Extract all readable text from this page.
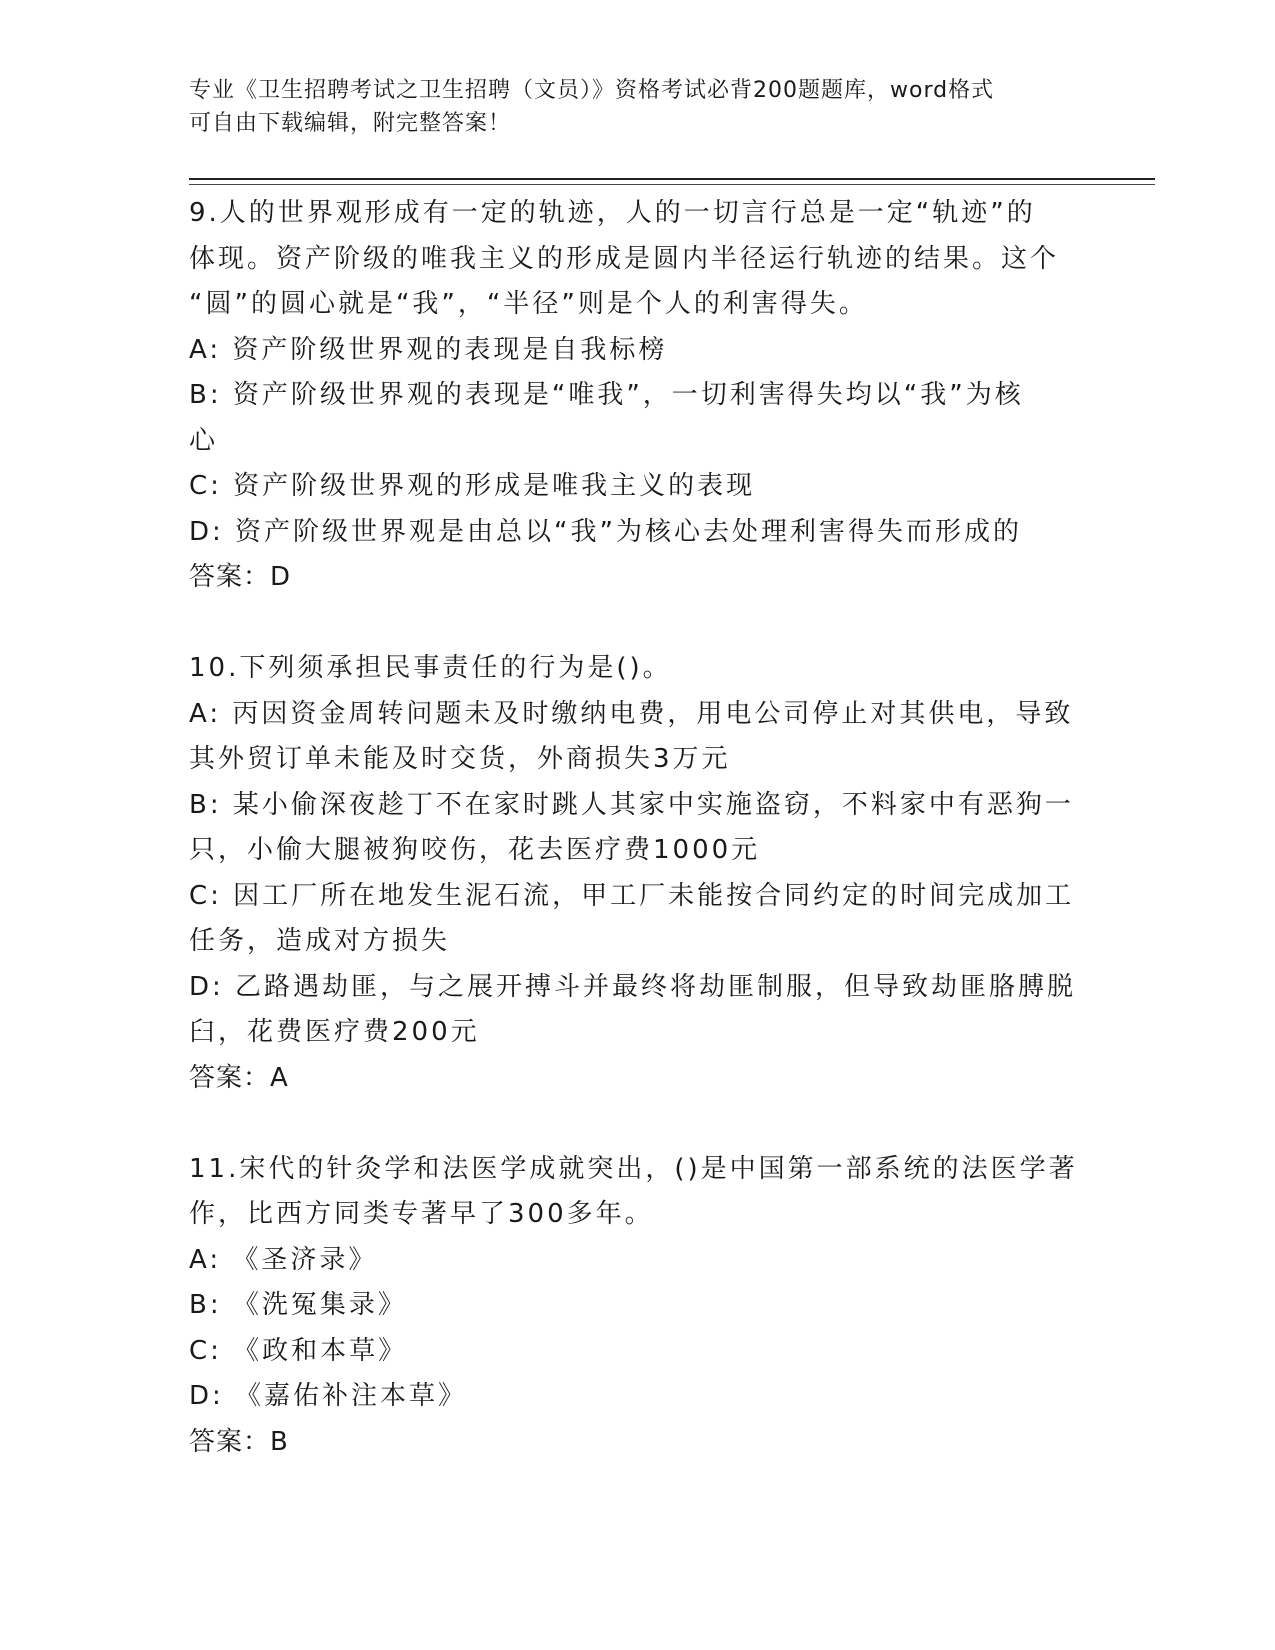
专业《卫生招聘考试之卫生招聘（文员）》资格考试必背200题题库，word格式
可自由下载编辑，附完整答案！
9.人的世界观形成有一定的轨迹，人的一切言行总是一定“轨迹”的
体现。资产阶级的唯我主义的形成是圆内半径运行轨迹的结果。这个
“圆”的圆心就是“我”，“半径”则是个人的利害得失。
A: 资产阶级世界观的表现是自我标榜
B: 资产阶级世界观的表现是“唯我”，一切利害得失均以“我”为核
心
C: 资产阶级世界观的形成是唯我主义的表现
D: 资产阶级世界观是由总以“我”为核心去处理利害得失而形成的
答案：D
10.下列须承担民事责任的行为是()。
A: 丙因资金周转问题未及时缴纳电费，用电公司停止对其供电，导致
其外贸订单未能及时交货，外商损失3万元
B: 某小偷深夜趁丁不在家时跳人其家中实施盗窃，不料家中有恶狗一
只，小偷大腿被狗咬伤，花去医疗费1000元
C: 因工厂所在地发生泥石流，甲工厂未能按合同约定的时间完成加工
任务，造成对方损失
D: 乙路遇劫匪，与之展开搏斗并最终将劫匪制服，但导致劫匪胳膊脱
臼，花费医疗费200元
答案：A
11.宋代的针灸学和法医学成就突出，()是中国第一部系统的法医学著
作，比西方同类专著早了300多年。
A: 《圣济录》
B: 《洗冤集录》
C: 《政和本草》
D: 《嘉佑补注本草》
答案：B
